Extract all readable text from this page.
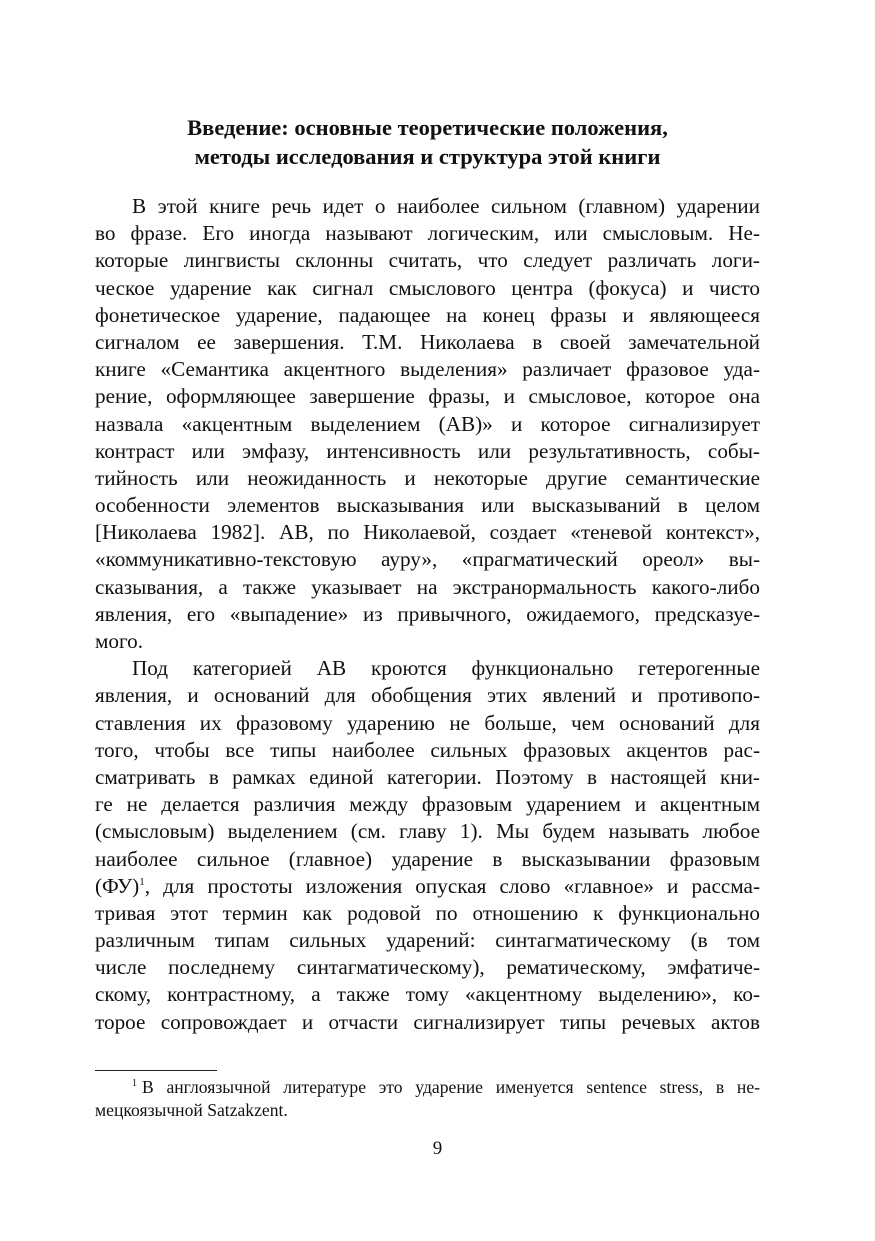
Введение: основные теоретические положения,
методы исследования и структура этой книги
В этой книге речь идет о наиболее сильном (главном) ударении
во фразе. Его иногда называют логическим, или смысловым. Не-
которые лингвисты склонны считать, что следует различать логи-
ческое ударение как сигнал смыслового центра (фокуса) и чисто
фонетическое ударение, падающее на конец фразы и являющееся
сигналом ее завершения. Т.М. Николаева в своей замечательной
книге «Семантика акцентного выделения» различает фразовое уда-
рение, оформляющее завершение фразы, и смысловое, которое она
назвала «акцентным выделением (АВ)» и которое сигнализирует
контраст или эмфазу, интенсивность или результативность, собы-
тийность или неожиданность и некоторые другие семантические
особенности элементов высказывания или высказываний в целом
[Николаева 1982]. АВ, по Николаевой, создает «теневой контекст»,
«коммуникативно-текстовую ауру», «прагматический ореол» вы-
сказывания, а также указывает на экстранормальность какого-либо
явления, его «выпадение» из привычного, ожидаемого, предсказуе-
мого.
Под категорией АВ кроются функционально гетерогенные
явления, и оснований для обобщения этих явлений и противопо-
ставления их фразовому ударению не больше, чем оснований для
того, чтобы все типы наиболее сильных фразовых акцентов рас-
сматривать в рамках единой категории. Поэтому в настоящей кни-
ге не делается различия между фразовым ударением и акцентным
(смысловым) выделением (см. главу 1). Мы будем называть любое
наиболее сильное (главное) ударение в высказывании фразовым
(ФУ)$^1$, для простоты изложения опуская слово «главное» и рассма-
тривая этот термин как родовой по отношению к функционально
различным типам сильных ударений: синтагматическому (в том
числе последнему синтагматическому), рематическому, эмфатиче-
скому, контрастному, а также тому «акцентному выделению», ко-
торое сопровождает и отчасти сигнализирует типы речевых актов
$^1$ В англоязычной литературе это ударение именуется sentence stress, в не-
мецкоязычной Satzakzent.
9
